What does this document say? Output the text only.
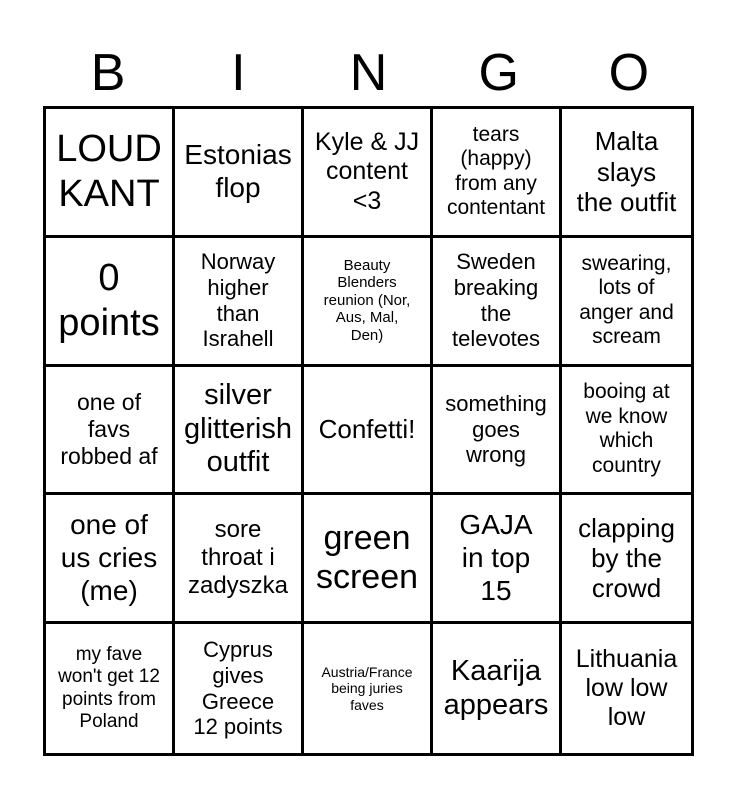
B	I	N	G	O
LOUD
KANT
Estonias
flop
Kyle & JJ
content
<3
tears
(happy)
from any
contentant
Malta
slays
the outfit
0
points
Norway
higher
than
Israhell
Beauty
Blenders
reunion (Nor,
Aus, Mal,
Den)
Sweden
breaking
the
televotes
swearing,
lots of
anger and
scream
one of
favs
robbed af
silver
glitterish
outfit
Confetti!
something
goes
wrong
booing at
we know
which
country
one of
us cries
(me)
sore
throat i
zadyszka
green
screen
GAJA
in top
15
clapping
by the
crowd
my fave
won't get 12
points from
Poland
Cyprus
gives
Greece
12 points
Austria/France
being juries
faves
Kaarija
appears
Lithuania
low low
low
